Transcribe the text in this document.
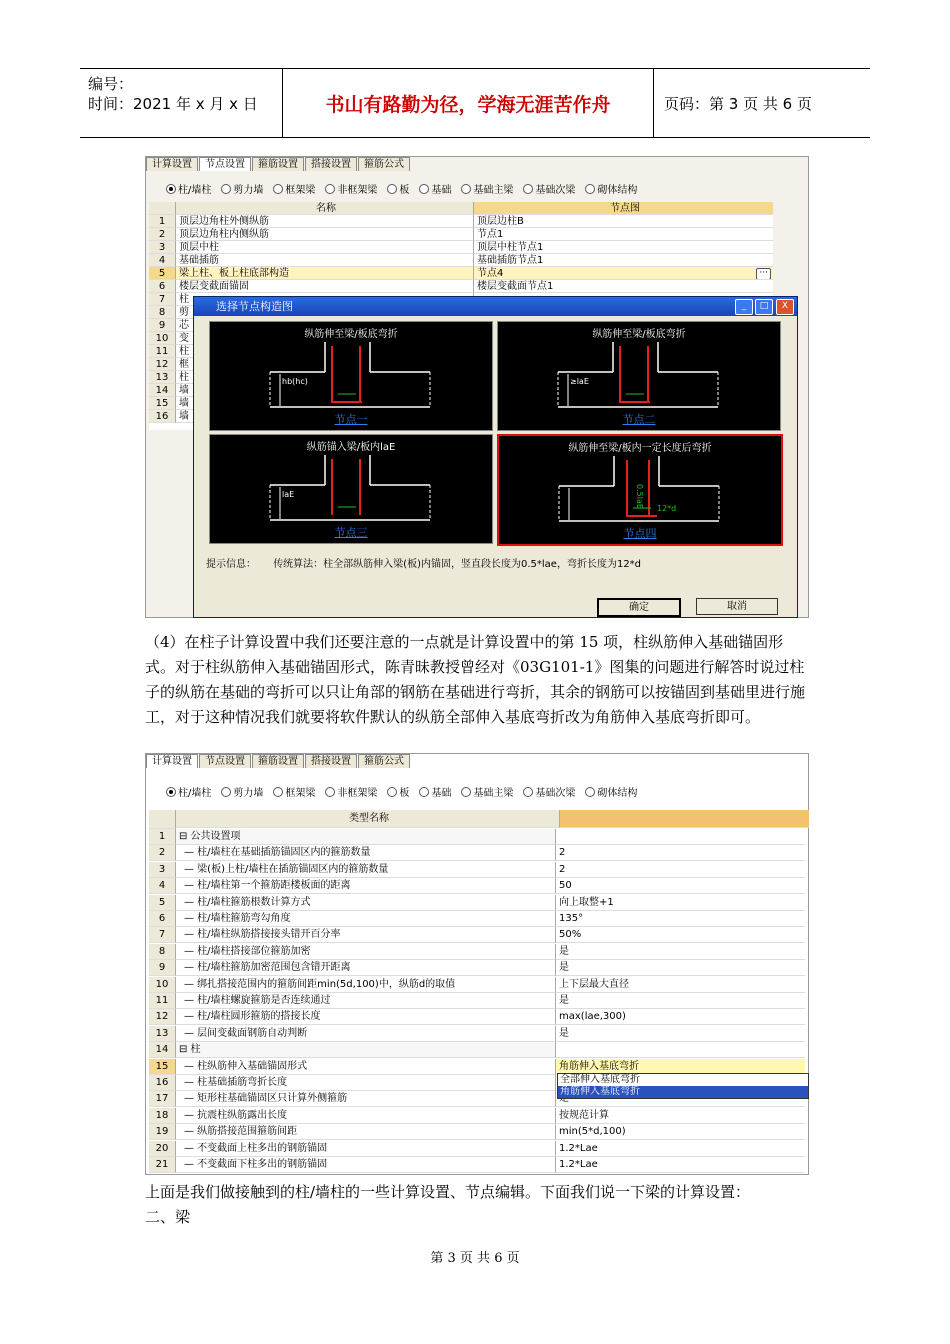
编号：
时间：2021 年 x 月 x 日	书山有路勤为径，学海无涯苦作舟	页码：第 3 页 共 6 页
计算设置	节点设置	箍筋设置	搭接设置	箍筋公式
柱/墙柱 剪力墙 框架梁 非框架梁 板 基础 基础主梁 基础次梁 砌体结构
名称	节点图
1	顶层边角柱外侧纵筋	顶层边柱B
2	顶层边角柱内侧纵筋	节点1
3	顶层中柱	顶层中柱节点1
4	基础插筋	基础插筋节点1
5	梁上柱、板上柱底部构造	节点4	···
6	楼层变截面锚固	楼层变截面节点1
7	柱
8	剪
9	芯
10	变
11	柱
12	框
13	柱
14	墙
15	墙
16	墙
选择节点构造图	_	□	X
纵筋伸至梁/板底弯折
hb(hc)
节点一
纵筋伸至梁/板底弯折
≥laE
节点二
纵筋锚入梁/板内laE
laE
节点三
纵筋伸至梁/板内一定长度后弯折
0.5laE 12*d
节点四
提示信息： 传统算法：柱全部纵筋伸入梁(板)内锚固，竖直段长度为0.5*lae，弯折长度为12*d
确定	取消
（4）在柱子计算设置中我们还要注意的一点就是计算设置中的第 15 项，柱纵筋伸入基础锚固形式。对于柱纵筋伸入基础锚固形式，陈青昧教授曾经对《03G101-1》图集的问题进行解答时说过柱子的纵筋在基础的弯折可以只让角部的钢筋在基础进行弯折，其余的钢筋可以按锚固到基础里进行施工，对于这种情况我们就要将软件默认的纵筋全部伸入基底弯折改为角筋伸入基底弯折即可。
计算设置	节点设置	箍筋设置	搭接设置	箍筋公式
柱/墙柱 剪力墙 框架梁 非框架梁 板 基础 基础主梁 基础次梁 砌体结构
类型名称
1	⊟ 公共设置项
2	— 柱/墙柱在基础插筋锚固区内的箍筋数量	2
3	— 梁(板)上柱/墙柱在插筋锚固区内的箍筋数量	2
4	— 柱/墙柱第一个箍筋距楼板面的距离	50
5	— 柱/墙柱箍筋根数计算方式	向上取整+1
6	— 柱/墙柱箍筋弯勾角度	135°
7	— 柱/墙柱纵筋搭接接头错开百分率	50%
8	— 柱/墙柱搭接部位箍筋加密	是
9	— 柱/墙柱箍筋加密范围包含错开距离	是
10	— 绑扎搭接范围内的箍筋间距min(5d,100)中，纵筋d的取值	上下层最大直径
11	— 柱/墙柱螺旋箍筋是否连续通过	是
12	— 柱/墙柱圆形箍筋的搭接长度	max(lae,300)
13	— 层间变截面钢筋自动判断	是
14	⊟ 柱
15	— 柱纵筋伸入基础锚固形式	角筋伸入基底弯折
16	— 柱基础插筋弯折长度
17	— 矩形柱基础锚固区只计算外侧箍筋
18	— 抗震柱纵筋露出长度	按规范计算
19	— 纵筋搭接范围箍筋间距	min(5*d,100)
20	— 不变截面上柱多出的钢筋锚固	1.2*Lae
21	— 不变截面下柱多出的钢筋锚固	1.2*Lae
全部伸入基底弯折
角筋伸入基底弯折
上面是我们做接触到的柱/墙柱的一些计算设置、节点编辑。下面我们说一下梁的计算设置：
二、梁
第 3 页 共 6 页
